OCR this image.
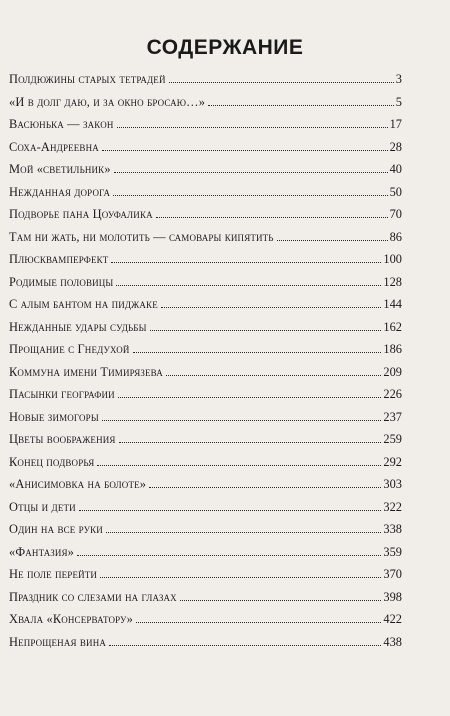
СОДЕРЖАНИЕ
Полдюжины старых тетрадей	3
«И в долг даю, и за окно бросаю…»	5
Васюнька — закон	17
Соха-Андреевна	28
Мой «светильник»	40
Нежданная дорога	50
Подворье пана Цоуфалика	70
Там ни жать, ни молотить — самовары кипятить	86
Плюсквамперфект	100
Родимые половицы	128
С алым бантом на пиджаке	144
Нежданные удары судьбы	162
Прощание с Гнедухой	186
Коммуна имени Тимирязева	209
Пасынки географии	226
Новые зимогоры	237
Цветы воображения	259
Конец подворья	292
«Анисимовка на болоте»	303
Отцы и дети	322
Один на все руки	338
«Фантазия»	359
Не поле перейти	370
Праздник со слезами на глазах	398
Хвала «Консерватору»	422
Непрощеная вина	438
